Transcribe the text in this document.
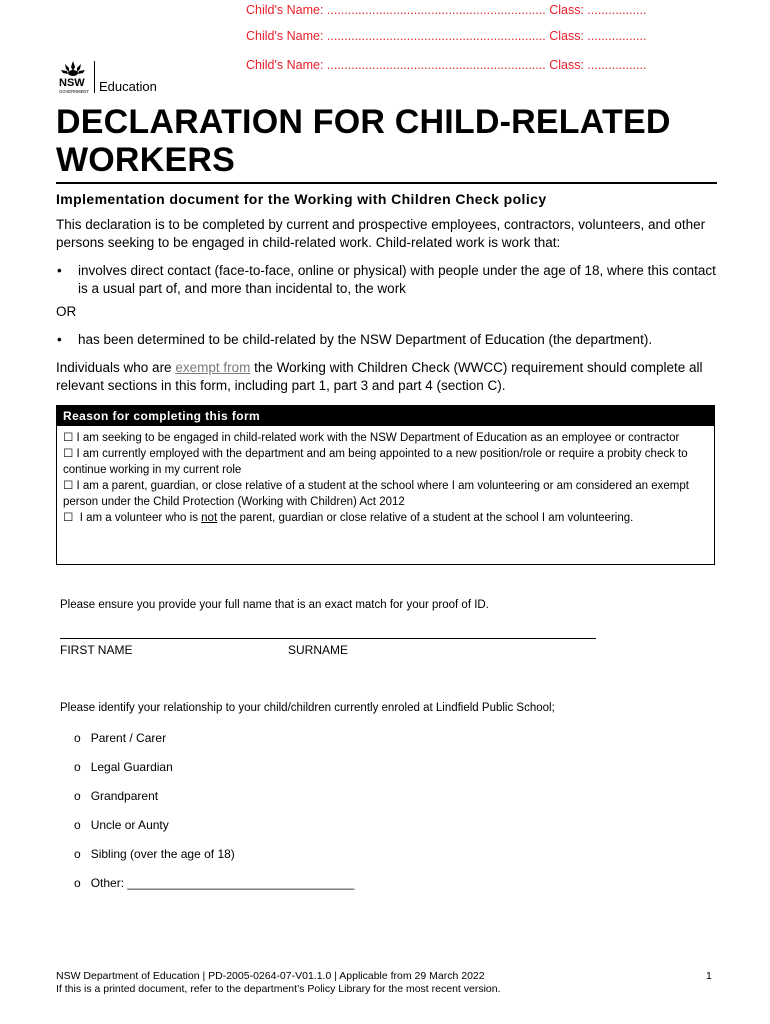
Child's Name: ............................................................... Class: .................
Child's Name: ............................................................... Class: .................
Child's Name: ............................................................... Class: .................
NSW
GOVERNMENT Education
DECLARATION FOR CHILD-RELATED WORKERS
Implementation document for the Working with Children Check policy
This declaration is to be completed by current and prospective employees, contractors, volunteers, and other persons seeking to be engaged in child-related work. Child-related work is work that:
• involves direct contact (face-to-face, online or physical) with people under the age of 18, where this contact is a usual part of, and more than incidental to, the work
OR
• has been determined to be child-related by the NSW Department of Education (the department).
Individuals who are exempt from the Working with Children Check (WWCC) requirement should complete all relevant sections in this form, including part 1, part 3 and part 4 (section C).
Reason for completing this form
☐ I am seeking to be engaged in child-related work with the NSW Department of Education as an employee or contractor
☐ I am currently employed with the department and am being appointed to a new position/role or require a probity check to continue working in my current role
☐ I am a parent, guardian, or close relative of a student at the school where I am volunteering or am considered an exempt person under the Child Protection (Working with Children) Act 2012
☐ I am a volunteer who is not the parent, guardian or close relative of a student at the school I am volunteering.
Please ensure you provide your full name that is an exact match for your proof of ID.
FIRST NAME	SURNAME
Please identify your relationship to your child/children currently enroled at Lindfield Public School;
o Parent / Carer
o Legal Guardian
o Grandparent
o Uncle or Aunty
o Sibling (over the age of 18)
o Other: __________________________________
NSW Department of Education | PD-2005-0264-07-V01.1.0 | Applicable from 29 March 2022
If this is a printed document, refer to the department’s Policy Library for the most recent version.
1
